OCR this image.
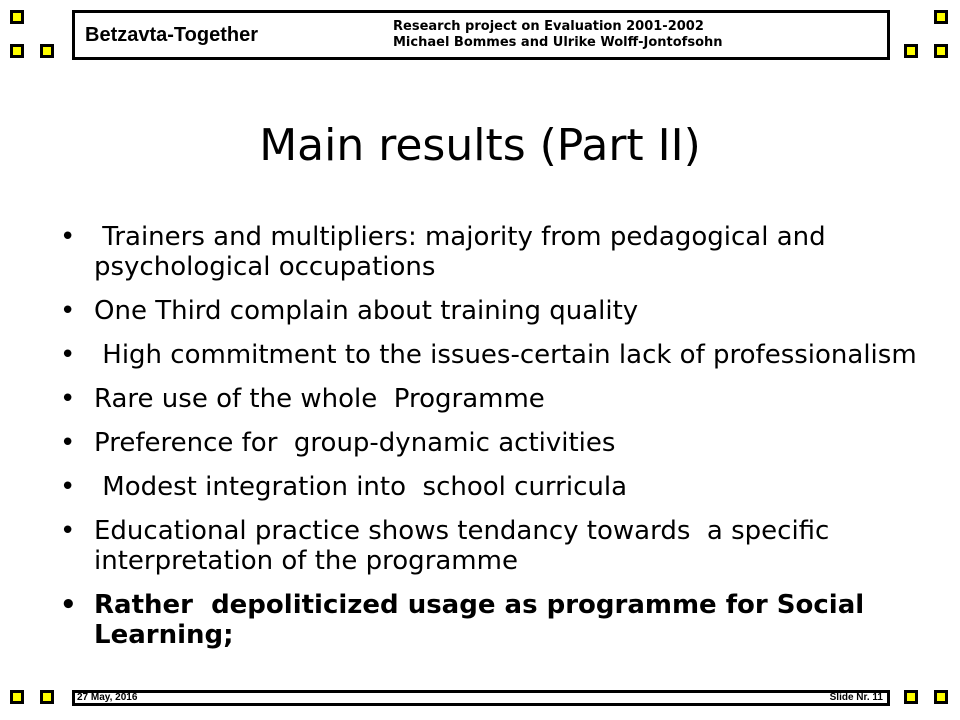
Betzavta-Together	Research project on Evaluation 2001-2002
Michael Bommes and Ulrike Wolff-Jontofsohn
Main results (Part II)
• Trainers and multipliers: majority from pedagogical and psychological occupations
• One Third complain about training quality
• High commitment to the issues-certain lack of professionalism
• Rare use of the whole  Programme
• Preference for  group-dynamic activities
• Modest integration into  school curricula
• Educational practice shows tendancy towards  a specific interpretation of the programme
• Rather  depoliticized usage as programme for Social Learning;
27 May, 2016	Slide Nr. 11
